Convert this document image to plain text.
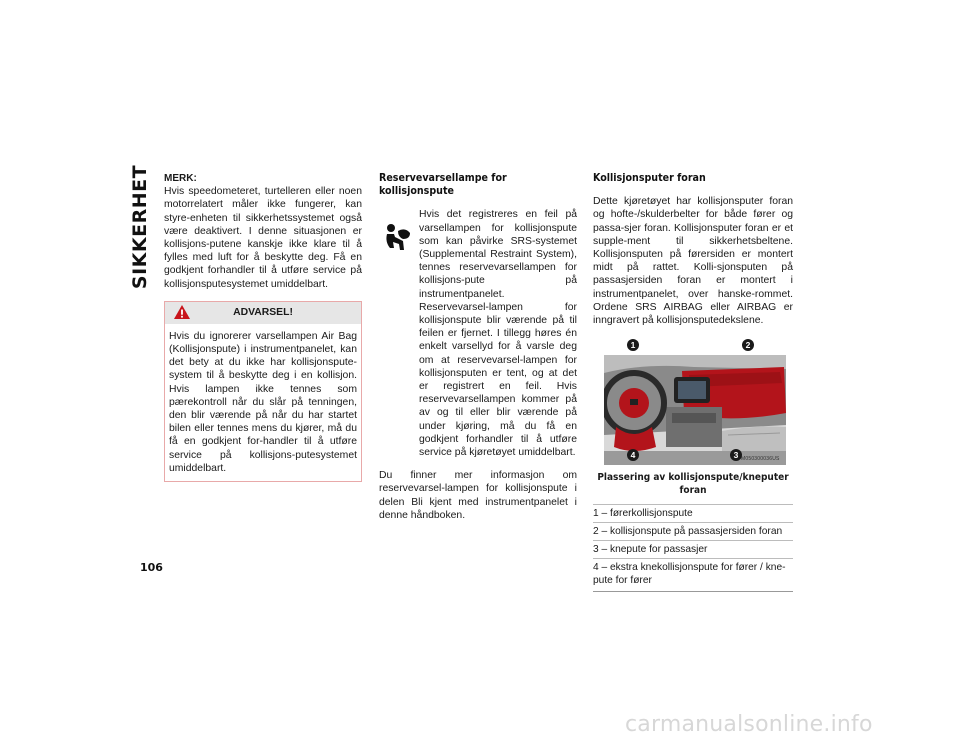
SIKKERHET
106

MERK:
Hvis speedometeret, turtelleren eller noen motorrelatert måler ikke fungerer, kan styre-enheten til sikkerhetssystemet også være deaktivert. I denne situasjonen er kollisjons-putene kanskje ikke klare til å fylles med luft for å beskytte deg. Få en godkjent forhandler til å utføre service på kollisjonsputesystemet umiddelbart.

ADVARSEL!

Hvis du ignorerer varsellampen Air Bag (Kollisjonspute) i instrumentpanelet, kan det bety at du ikke har kollisjonspute-system til å beskytte deg i en kollisjon. Hvis lampen ikke tennes som pærekontroll når du slår på tenningen, den blir værende på når du har startet bilen eller tennes mens du kjører, må du få en godkjent for-handler til å utføre service på kollisjons-putesystemet umiddelbart.

Reservevarsellampe for kollisjonspute

Hvis det registreres en feil på varsellampen for kollisjonspute som kan påvirke SRS-systemet (Supplemental Restraint System), tennes reservevarsellampen for kollisjons-pute på instrumentpanelet. Reservevarsel-lampen for kollisjonspute blir værende på til feilen er fjernet. I tillegg høres én enkelt varsellyd for å varsle deg om at reservevarsel-lampen for kollisjonsputen er tent, og at det er registrert en feil. Hvis reservevarsellampen kommer på av og til eller blir værende på under kjøring, må du få en godkjent forhandler til å utføre service på kjøretøyet umiddelbart.

Du finner mer informasjon om reservevarsel-lampen for kollisjonspute i delen Bli kjent med instrumentpanelet i denne håndboken.

Kollisjonsputer foran

Dette kjøretøyet har kollisjonsputer foran og hofte-/skulderbelter for både fører og passa-sjer foran. Kollisjonsputer foran er et supple-ment til sikkerhetsbeltene. Kollisjonsputen på førersiden er montert midt på rattet. Kolli-sjonsputen på passasjersiden foran er montert i instrumentpanelet, over hanske-rommet. Ordene SRS AIRBAG eller AIRBAG er inngravert på kollisjonsputedekslene.

1	2
3
4	M050300036US
Plassering av kollisjonspute/kneputer foran
1 – førerkollisjonspute
2 – kollisjonspute på passasjersiden foran
3 – knepute for passasjer
4 – ekstra knekollisjonspute for fører / kne-pute for fører
carmanualsonline.info
